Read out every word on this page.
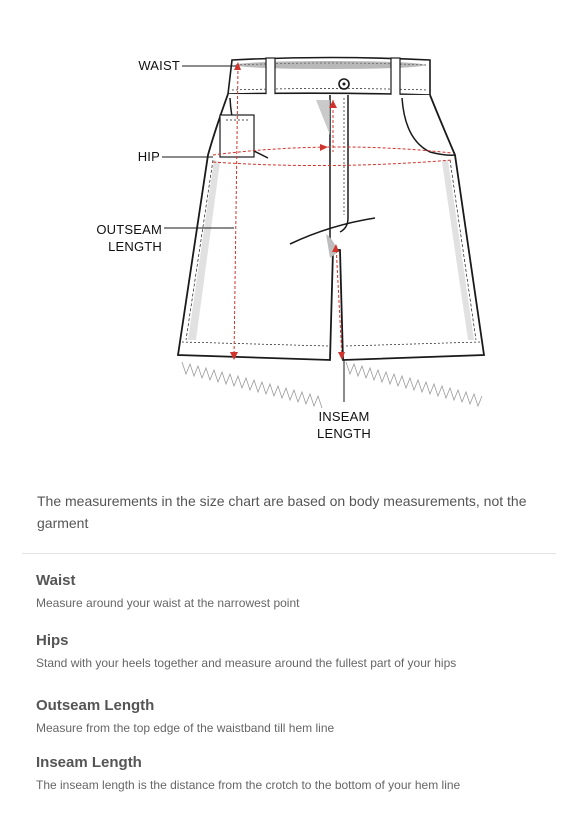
WAIST
HIP
OUTSEAM
LENGTH
INSEAM
LENGTH
The measurements in the size chart are based on body measurements, not the garment
Waist
Measure around your waist at the narrowest point
Hips
Stand with your heels together and measure around the fullest part of your hips
Outseam Length
Measure from the top edge of the waistband till hem line
Inseam Length
The inseam length is the distance from the crotch to the bottom of your hem line
